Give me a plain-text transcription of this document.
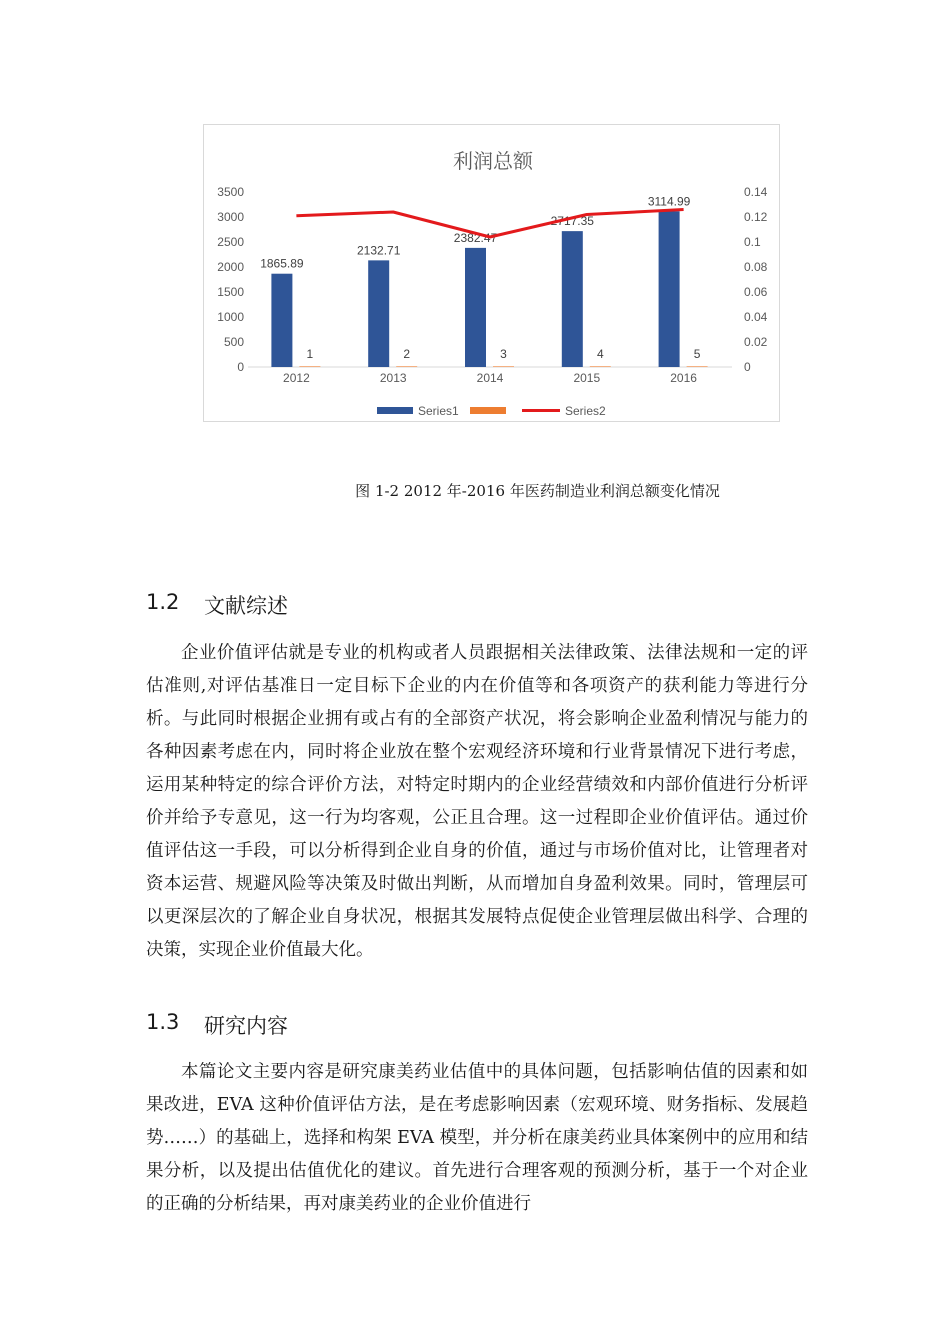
利润总额
0
500
1000
1500
2000
2500
3000
3500
0
0.02
0.04
0.06
0.08
0.1
0.12
0.14
1865.89
2132.71
2382.47
2717.35
3114.99
1	2	3	4	5
2012	2013	2014	2015	2016
Series1	Series2
图 1-2 2012 年-2016 年医药制造业利润总额变化情况
1.2	文献综述

企业价值评估就是专业的机构或者人员跟据相关法律政策、法律法规和一定的评估准则,对评估基准日一定目标下企业的内在价值等和各项资产的获利能力等进行分析。与此同时根据企业拥有或占有的全部资产状况，将会影响企业盈利情况与能力的各种因素考虑在内，同时将企业放在整个宏观经济环境和行业背景情况下进行考虑，运用某种特定的综合评价方法，对特定时期内的企业经营绩效和内部价值进行分析评价并给予专意见，这一行为均客观，公正且合理。这一过程即企业价值评估。通过价值评估这一手段，可以分析得到企业自身的价值，通过与市场价值对比，让管理者对资本运营、规避风险等决策及时做出判断，从而增加自身盈利效果。同时，管理层可以更深层次的了解企业自身状况，根据其发展特点促使企业管理层做出科学、合理的决策，实现企业价值最大化。

1.3	研究内容

本篇论文主要内容是研究康美药业估值中的具体问题，包括影响估值的因素和如果改进，EVA 这种价值评估方法，是在考虑影响因素（宏观环境、财务指标、发展趋势……）的基础上，选择和构架 EVA 模型，并分析在康美药业具体案例中的应用和结果分析，以及提出估值优化的建议。首先进行合理客观的预测分析，基于一个对企业的正确的分析结果，再对康美药业的企业价值进行
